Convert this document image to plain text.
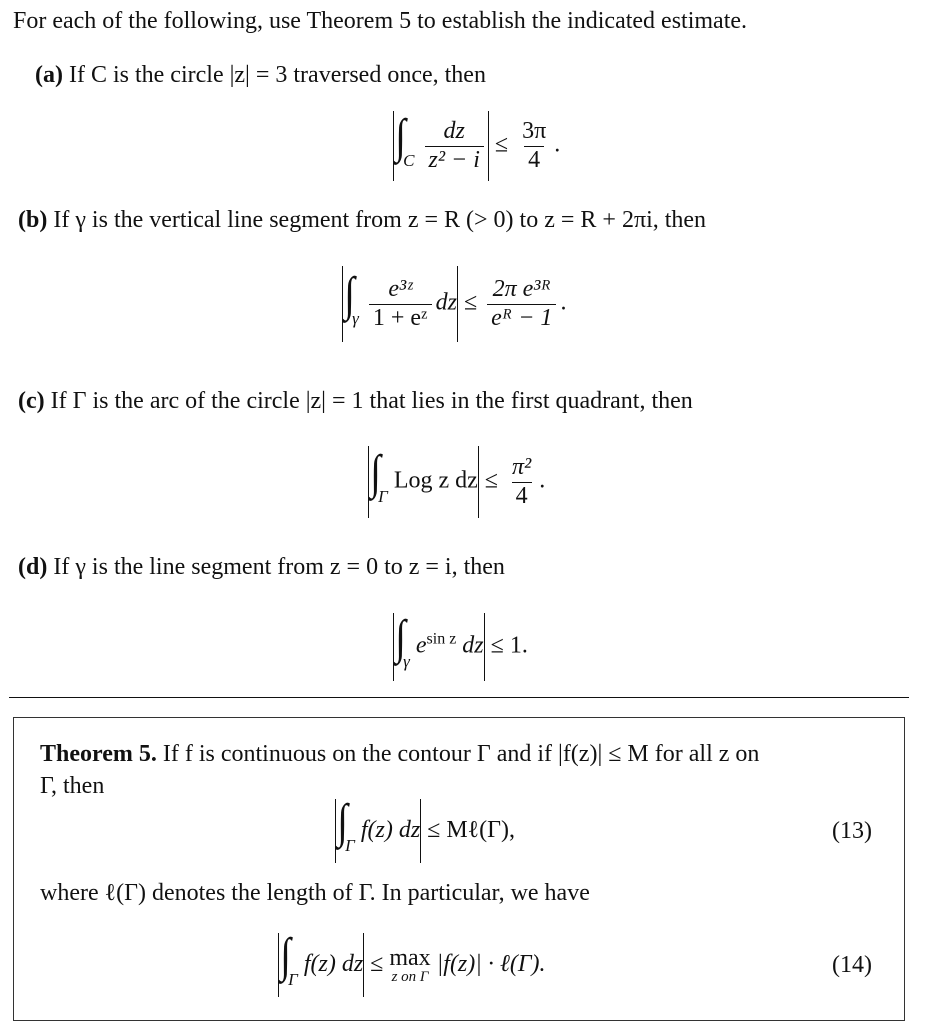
For each of the following, use Theorem 5 to establish the indicated estimate.
(a) If C is the circle |z| = 3 traversed once, then
$\int_C \frac{dz}{\text{z² − i}} \le \frac{3\pi}{4}$ .
(b) If γ is the vertical line segment from z = R (> 0) to z = R + 2πi, then
$\int_\gamma \frac{\text{e³ᶻ}}{\text{1 + eᶻ}}$ dz ≤ $\frac{\text{2π e³ᴿ}}{\text{eᴿ − 1}}$ .
(c) If Γ is the arc of the circle |z| = 1 that lies in the first quadrant, then
$\int_\Gamma$ Log z dz ≤ $\frac{\text{π²}}{4}$ .
(d) If γ is the line segment from z = 0 to z = i, then
$\int_\gamma$ $e^{sin z}$ dz ≤ 1.
Theorem 5. If f is continuous on the contour Γ and if |f(z)| ≤ M for all z on
Γ, then
$\int_\Gamma$ f(z) dz ≤ Mℓ(Γ),	(13)
where ℓ(Γ) denotes the length of Γ. In particular, we have
$\int_\Gamma$ f(z) dz ≤ max
z on Γ |f(z)| · ℓ(Γ).	(14)
